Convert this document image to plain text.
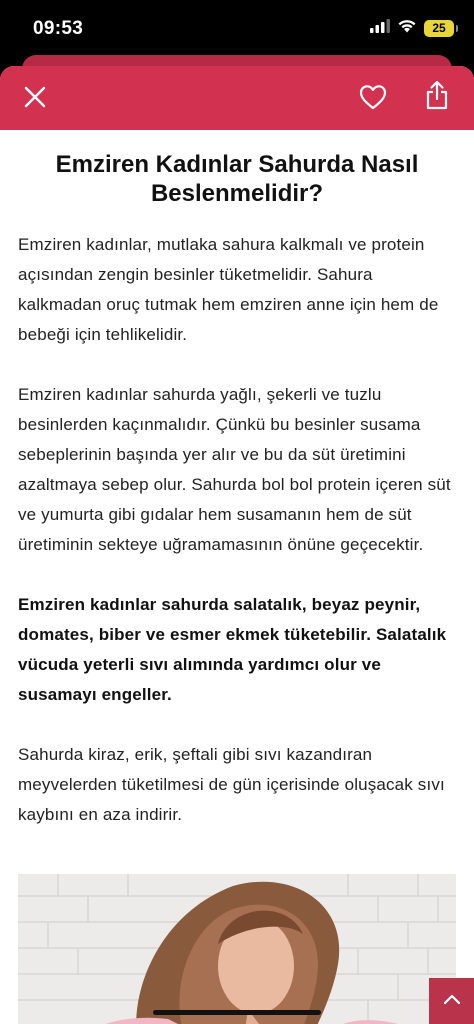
09:53	25
Emziren Kadınlar Sahurda Nasıl Beslenmelidir?

Emziren kadınlar, mutlaka sahura kalkmalı ve protein açısından zengin besinler tüketmelidir. Sahura kalkmadan oruç tutmak hem emziren anne için hem de bebeği için tehlikelidir.

Emziren kadınlar sahurda yağlı, şekerli ve tuzlu besinlerden kaçınmalıdır. Çünkü bu besinler susama sebeplerinin başında yer alır ve bu da süt üretimini azaltmaya sebep olur. Sahurda bol bol protein içeren süt ve yumurta gibi gıdalar hem susamanın hem de süt üretiminin sekteye uğramamasının önüne geçecektir.

Emziren kadınlar sahurda salatalık, beyaz peynir, domates, biber ve esmer ekmek tüketebilir. Salatalık vücuda yeterli sıvı alımında yardımcı olur ve susamayı engeller.

Sahurda kiraz, erik, şeftali gibi sıvı kazandıran meyvelerden tüketilmesi de gün içerisinde oluşacak sıvı kaybını en aza indirir.
